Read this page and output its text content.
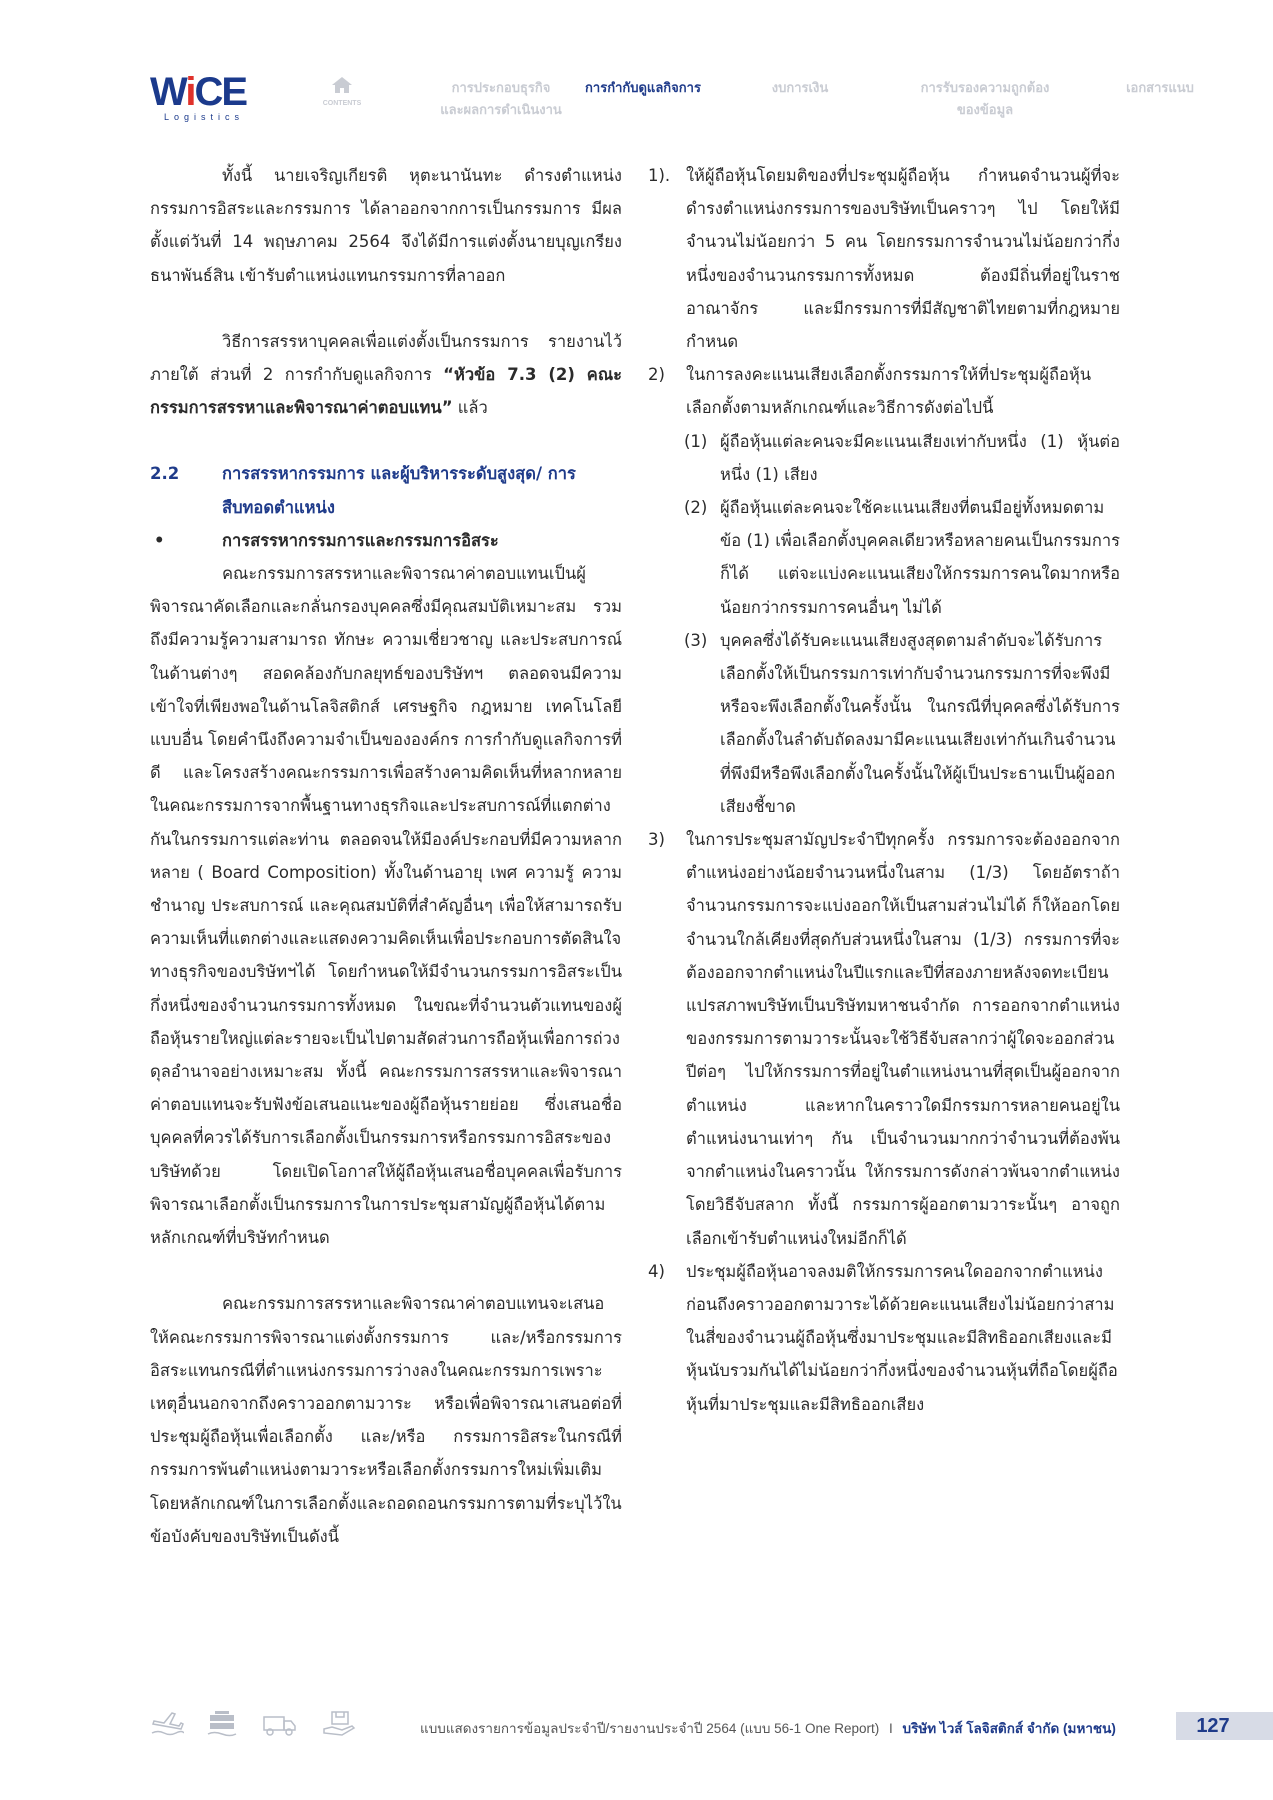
WiCE
Logistics
CONTENTS
การประกอบธุรกิจ
และผลการดำเนินงาน
การกำกับดูแลกิจการ	งบการเงิน	การรับรองความถูกต้อง
ของข้อมูล
เอกสารแนบ

ทั้งนี้ นายเจริญเกียรติ หุตะนานันทะ ดำรงตำแหน่งกรรมการอิสระและกรรมการ ได้ลาออกจากการเป็นกรรมการ มีผลตั้งแต่วันที่ 14 พฤษภาคม 2564 จึงได้มีการแต่งตั้งนายบุญเกรียง ธนาพันธ์สิน เข้ารับตำแหน่งแทนกรรมการที่ลาออก

วิธีการสรรหาบุคคลเพื่อแต่งตั้งเป็นกรรมการ รายงานไว้ภายใต้ ส่วนที่ 2 การกำกับดูแลกิจการ “หัวข้อ 7.3 (2) คณะกรรมการสรรหาและพิจารณาค่าตอบแทน” แล้ว

2.2	การสรรหากรรมการ และผู้บริหารระดับสูงสุด/ การสืบทอดตำแหน่ง
•	การสรรหากรรมการและกรรมการอิสระ

คณะกรรมการสรรหาและพิจารณาค่าตอบแทนเป็นผู้พิจารณาคัดเลือกและกลั่นกรองบุคคลซึ่งมีคุณสมบัติเหมาะสม รวมถึงมีความรู้ความสามารถ ทักษะ ความเชี่ยวชาญ และประสบการณ์ในด้านต่างๆ สอดคล้องกับกลยุทธ์ของบริษัทฯ ตลอดจนมีความเข้าใจที่เพียงพอในด้านโลจิสติกส์ เศรษฐกิจ กฎหมาย เทคโนโลยี แบบอื่น โดยคำนึงถึงความจำเป็นขององค์กร การกำกับดูแลกิจการที่ดี และโครงสร้างคณะกรรมการเพื่อสร้างคามคิดเห็นที่หลากหลายในคณะกรรมการจากพื้นฐานทางธุรกิจและประสบการณ์ที่แตกต่างกันในกรรมการแต่ละท่าน ตลอดจนให้มีองค์ประกอบที่มีความหลากหลาย ( Board Composition) ทั้งในด้านอายุ เพศ ความรู้ ความชำนาญ ประสบการณ์ และคุณสมบัติที่สำคัญอื่นๆ เพื่อให้สามารถรับความเห็นที่แตกต่างและแสดงความคิดเห็นเพื่อประกอบการตัดสินใจทางธุรกิจของบริษัทฯได้ โดยกำหนดให้มีจำนวนกรรมการอิสระเป็นกึ่งหนึ่งของจำนวนกรรมการทั้งหมด ในขณะที่จำนวนตัวแทนของผู้ถือหุ้นรายใหญ่แต่ละรายจะเป็นไปตามสัดส่วนการถือหุ้นเพื่อการถ่วงดุลอำนาจอย่างเหมาะสม ทั้งนี้ คณะกรรมการสรรหาและพิจารณาค่าตอบแทนจะรับฟังข้อเสนอแนะของผู้ถือหุ้นรายย่อย ซึ่งเสนอชื่อบุคคลที่ควรได้รับการเลือกตั้งเป็นกรรมการหรือกรรมการอิสระของบริษัทด้วย โดยเปิดโอกาสให้ผู้ถือหุ้นเสนอชื่อบุคคลเพื่อรับการพิจารณาเลือกตั้งเป็นกรรมการในการประชุมสามัญผู้ถือหุ้นได้ตามหลักเกณฑ์ที่บริษัทกำหนด

คณะกรรมการสรรหาและพิจารณาค่าตอบแทนจะเสนอให้คณะกรรมการพิจารณาแต่งตั้งกรรมการ และ/หรือกรรมการอิสระแทนกรณีที่ตำแหน่งกรรมการว่างลงในคณะกรรมการเพราะเหตุอื่นนอกจากถึงคราวออกตามวาระ หรือเพื่อพิจารณาเสนอต่อที่ประชุมผู้ถือหุ้นเพื่อเลือกตั้ง และ/หรือ กรรมการอิสระในกรณีที่กรรมการพ้นตำแหน่งตามวาระหรือเลือกตั้งกรรมการใหม่เพิ่มเติม โดยหลักเกณฑ์ในการเลือกตั้งและถอดถอนกรรมการตามที่ระบุไว้ในข้อบังคับของบริษัทเป็นดังนี้

1). ให้ผู้ถือหุ้นโดยมติของที่ประชุมผู้ถือหุ้น กำหนดจำนวนผู้ที่จะดำรงตำแหน่งกรรมการของบริษัทเป็นคราวๆ ไป โดยให้มีจำนวนไม่น้อยกว่า 5 คน โดยกรรมการจำนวนไม่น้อยกว่ากึ่งหนึ่งของจำนวนกรรมการทั้งหมด ต้องมีถิ่นที่อยู่ในราชอาณาจักร และมีกรรมการที่มีสัญชาติไทยตามที่กฎหมายกำหนด

2) ในการลงคะแนนเสียงเลือกตั้งกรรมการให้ที่ประชุมผู้ถือหุ้นเลือกตั้งตามหลักเกณฑ์และวิธีการดังต่อไปนี้

(1) ผู้ถือหุ้นแต่ละคนจะมีคะแนนเสียงเท่ากับหนึ่ง (1) หุ้นต่อหนึ่ง (1) เสียง

(2) ผู้ถือหุ้นแต่ละคนจะใช้คะแนนเสียงที่ตนมีอยู่ทั้งหมดตามข้อ (1) เพื่อเลือกตั้งบุคคลเดียวหรือหลายคนเป็นกรรมการก็ได้ แต่จะแบ่งคะแนนเสียงให้กรรมการคนใดมากหรือน้อยกว่ากรรมการคนอื่นๆ ไม่ได้

(3) บุคคลซึ่งได้รับคะแนนเสียงสูงสุดตามลำดับจะได้รับการเลือกตั้งให้เป็นกรรมการเท่ากับจำนวนกรรมการที่จะพึงมีหรือจะพึงเลือกตั้งในครั้งนั้น ในกรณีที่บุคคลซึ่งได้รับการเลือกตั้งในลำดับถัดลงมามีคะแนนเสียงเท่ากันเกินจำนวนที่พึงมีหรือพึงเลือกตั้งในครั้งนั้นให้ผู้เป็นประธานเป็นผู้ออกเสียงชี้ขาด

3) ในการประชุมสามัญประจำปีทุกครั้ง กรรมการจะต้องออกจากตำแหน่งอย่างน้อยจำนวนหนึ่งในสาม (1/3) โดยอัตราถ้าจำนวนกรรมการจะแบ่งออกให้เป็นสามส่วนไม่ได้ ก็ให้ออกโดยจำนวนใกล้เคียงที่สุดกับส่วนหนึ่งในสาม (1/3) กรรมการที่จะต้องออกจากตำแหน่งในปีแรกและปีที่สองภายหลังจดทะเบียนแปรสภาพบริษัทเป็นบริษัทมหาชนจำกัด การออกจากตำแหน่งของกรรมการตามวาระนั้นจะใช้วิธีจับสลากว่าผู้ใดจะออกส่วนปีต่อๆ ไปให้กรรมการที่อยู่ในตำแหน่งนานที่สุดเป็นผู้ออกจากตำแหน่ง และหากในคราวใดมีกรรมการหลายคนอยู่ในตำแหน่งนานเท่าๆ กัน เป็นจำนวนมากกว่าจำนวนที่ต้องพ้นจากตำแหน่งในคราวนั้น ให้กรรมการดังกล่าวพ้นจากตำแหน่งโดยวิธีจับสลาก ทั้งนี้ กรรมการผู้ออกตามวาระนั้นๆ อาจถูกเลือกเข้ารับตำแหน่งใหม่อีกก็ได้

4) ประชุมผู้ถือหุ้นอาจลงมติให้กรรมการคนใดออกจากตำแหน่งก่อนถึงคราวออกตามวาระได้ด้วยคะแนนเสียงไม่น้อยกว่าสามในสี่ของจำนวนผู้ถือหุ้นซึ่งมาประชุมและมีสิทธิออกเสียงและมีหุ้นนับรวมกันได้ไม่น้อยกว่ากึ่งหนึ่งของจำนวนหุ้นที่ถือโดยผู้ถือหุ้นที่มาประชุมและมีสิทธิออกเสียง

แบบแสดงรายการข้อมูลประจำปี/รายงานประจำปี 2564 (แบบ 56-1 One Report) I บริษัท ไวส์ โลจิสติกส์ จำกัด (มหาชน)	127
